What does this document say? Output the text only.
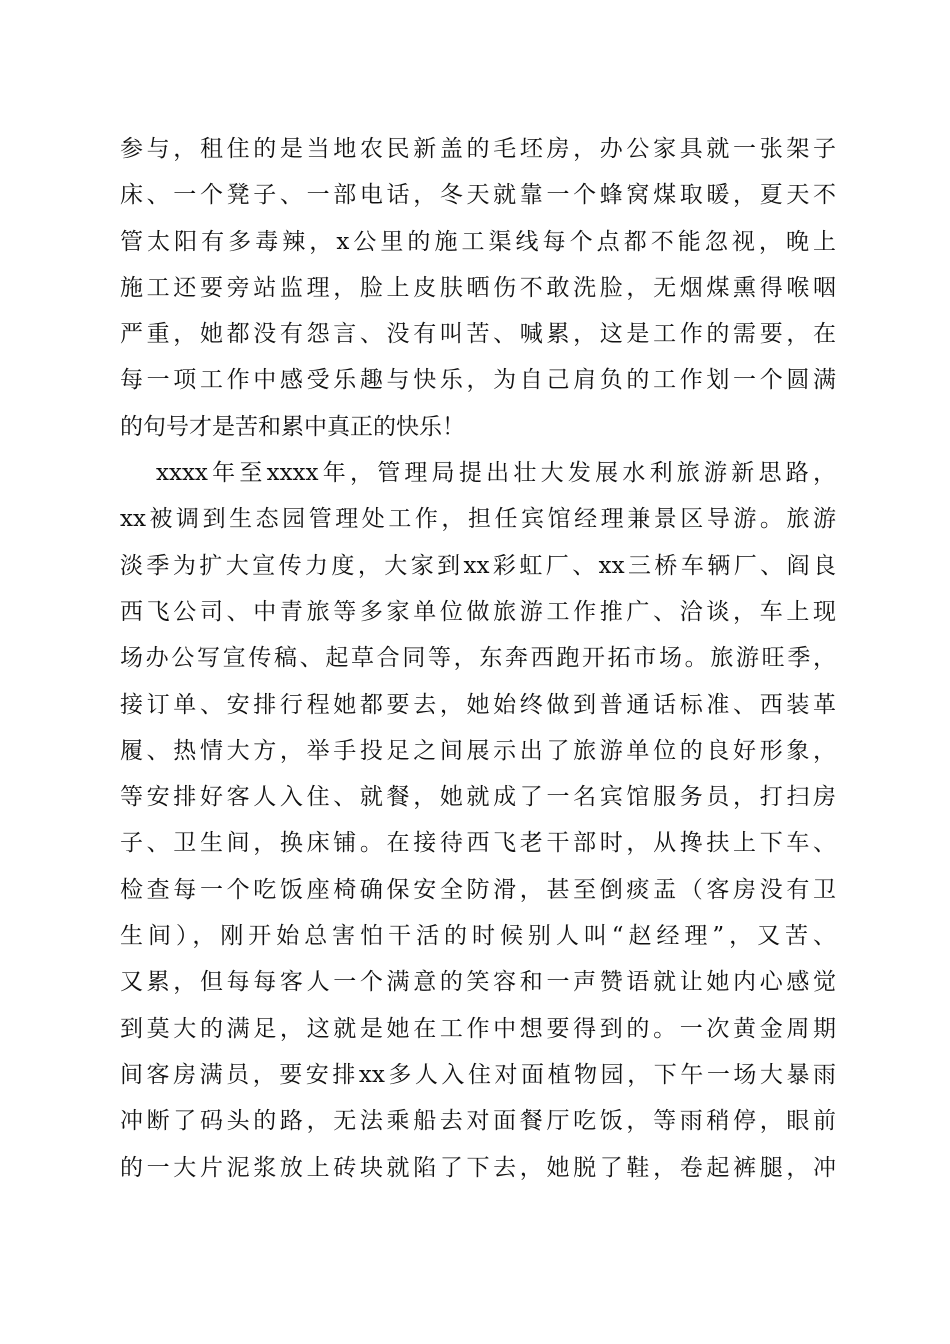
参与，租住的是当地农民新盖的毛坯房，办公家具就一张架子
床、一个凳子、一部电话，冬天就靠一个蜂窝煤取暖，夏天不
管太阳有多毒辣，x公里的施工渠线每个点都不能忽视，晚上
施工还要旁站监理，脸上皮肤晒伤不敢洗脸，无烟煤熏得喉咽
严重，她都没有怨言、没有叫苦、喊累，这是工作的需要，在
每一项工作中感受乐趣与快乐，为自己肩负的工作划一个圆满
的句号才是苦和累中真正的快乐！
xxxx年至xxxx年，管理局提出壮大发展水利旅游新思路，
xx被调到生态园管理处工作，担任宾馆经理兼景区导游。旅游
淡季为扩大宣传力度，大家到xx彩虹厂、xx三桥车辆厂、阎良
西飞公司、中青旅等多家单位做旅游工作推广、洽谈，车上现
场办公写宣传稿、起草合同等，东奔西跑开拓市场。旅游旺季，
接订单、安排行程她都要去，她始终做到普通话标准、西装革
履、热情大方，举手投足之间展示出了旅游单位的良好形象，
等安排好客人入住、就餐，她就成了一名宾馆服务员，打扫房
子、卫生间，换床铺。在接待西飞老干部时，从搀扶上下车、
检查每一个吃饭座椅确保安全防滑，甚至倒痰盂（客房没有卫
生间），刚开始总害怕干活的时候别人叫“赵经理”，又苦、
又累，但每每客人一个满意的笑容和一声赞语就让她内心感觉
到莫大的满足，这就是她在工作中想要得到的。一次黄金周期
间客房满员，要安排xx多人入住对面植物园，下午一场大暴雨
冲断了码头的路，无法乘船去对面餐厅吃饭，等雨稍停，眼前
的一大片泥浆放上砖块就陷了下去，她脱了鞋，卷起裤腿，冲
